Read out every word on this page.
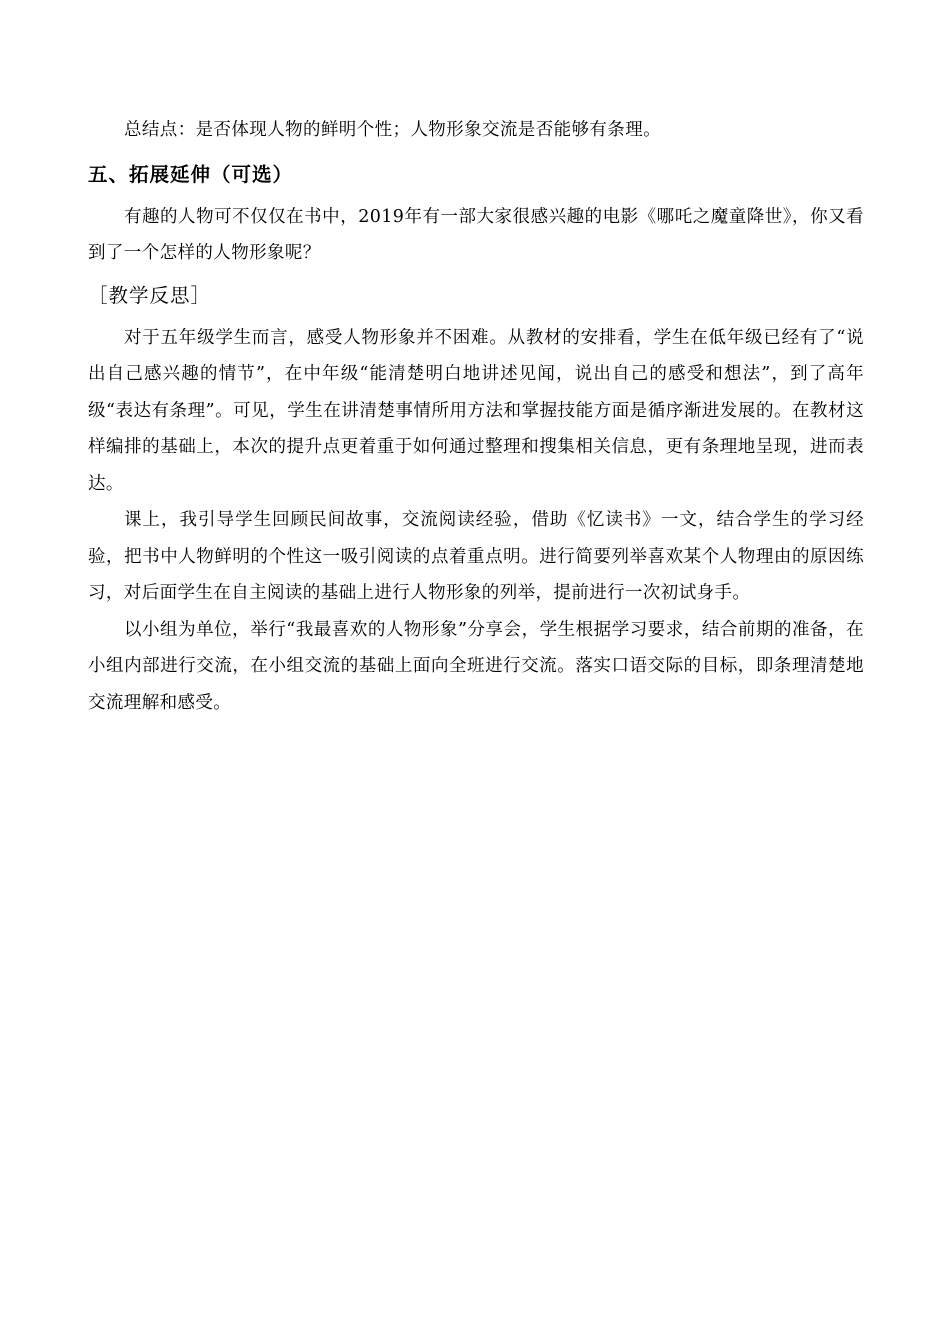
总结点：是否体现人物的鲜明个性；人物形象交流是否能够有条理。

五、拓展延伸（可选）

有趣的人物可不仅仅在书中，2019年有一部大家很感兴趣的电影《哪吒之魔童降世》，你又看到了一个怎样的人物形象呢？

［教学反思］

对于五年级学生而言，感受人物形象并不困难。从教材的安排看，学生在低年级已经有了“说出自己感兴趣的情节”，在中年级“能清楚明白地讲述见闻，说出自己的感受和想法”，到了高年级“表达有条理”。可见，学生在讲清楚事情所用方法和掌握技能方面是循序渐进发展的。在教材这样编排的基础上，本次的提升点更着重于如何通过整理和搜集相关信息，更有条理地呈现，进而表达。

课上，我引导学生回顾民间故事，交流阅读经验，借助《忆读书》一文，结合学生的学习经验，把书中人物鲜明的个性这一吸引阅读的点着重点明。进行简要列举喜欢某个人物理由的原因练习，对后面学生在自主阅读的基础上进行人物形象的列举，提前进行一次初试身手。

以小组为单位，举行“我最喜欢的人物形象”分享会，学生根据学习要求，结合前期的准备，在小组内部进行交流，在小组交流的基础上面向全班进行交流。落实口语交际的目标，即条理清楚地交流理解和感受。
